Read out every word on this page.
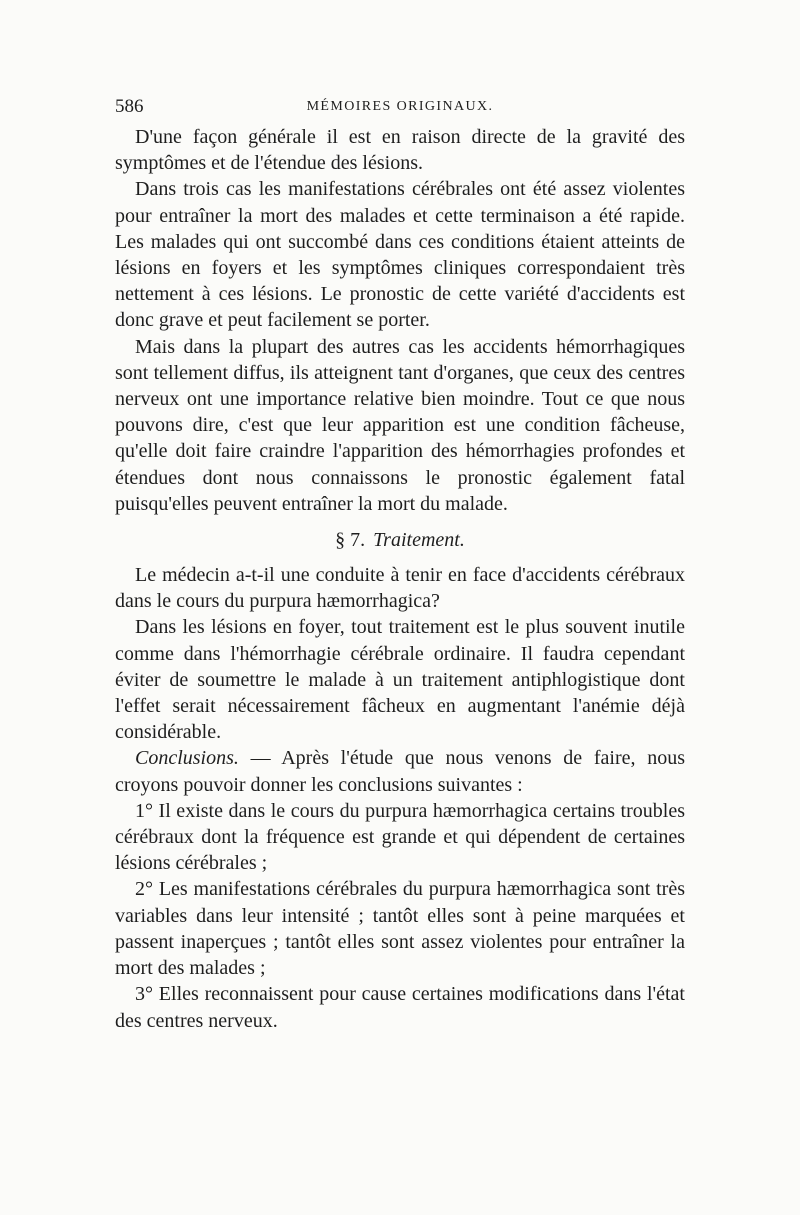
586	MÉMOIRES ORIGINAUX.

D'une façon générale il est en raison directe de la gravité des symptômes et de l'étendue des lésions.

Dans trois cas les manifestations cérébrales ont été assez violentes pour entraîner la mort des malades et cette terminaison a été rapide. Les malades qui ont succombé dans ces conditions étaient atteints de lésions en foyers et les symptômes cliniques correspondaient très nettement à ces lésions. Le pronostic de cette variété d'accidents est donc grave et peut facilement se porter.

Mais dans la plupart des autres cas les accidents hémorrhagiques sont tellement diffus, ils atteignent tant d'organes, que ceux des centres nerveux ont une importance relative bien moindre. Tout ce que nous pouvons dire, c'est que leur apparition est une condition fâcheuse, qu'elle doit faire craindre l'apparition des hémorrhagies profondes et étendues dont nous connaissons le pronostic également fatal puisqu'elles peuvent entraîner la mort du malade.

§ 7. Traitement.

Le médecin a-t-il une conduite à tenir en face d'accidents cérébraux dans le cours du purpura hæmorrhagica?

Dans les lésions en foyer, tout traitement est le plus souvent inutile comme dans l'hémorrhagie cérébrale ordinaire. Il faudra cependant éviter de soumettre le malade à un traitement antiphlogistique dont l'effet serait nécessairement fâcheux en augmentant l'anémie déjà considérable.

Conclusions. — Après l'étude que nous venons de faire, nous croyons pouvoir donner les conclusions suivantes :

1° Il existe dans le cours du purpura hæmorrhagica certains troubles cérébraux dont la fréquence est grande et qui dépendent de certaines lésions cérébrales ;

2° Les manifestations cérébrales du purpura hæmorrhagica sont très variables dans leur intensité ; tantôt elles sont à peine marquées et passent inaperçues ; tantôt elles sont assez violentes pour entraîner la mort des malades ;

3° Elles reconnaissent pour cause certaines modifications dans l'état des centres nerveux.
